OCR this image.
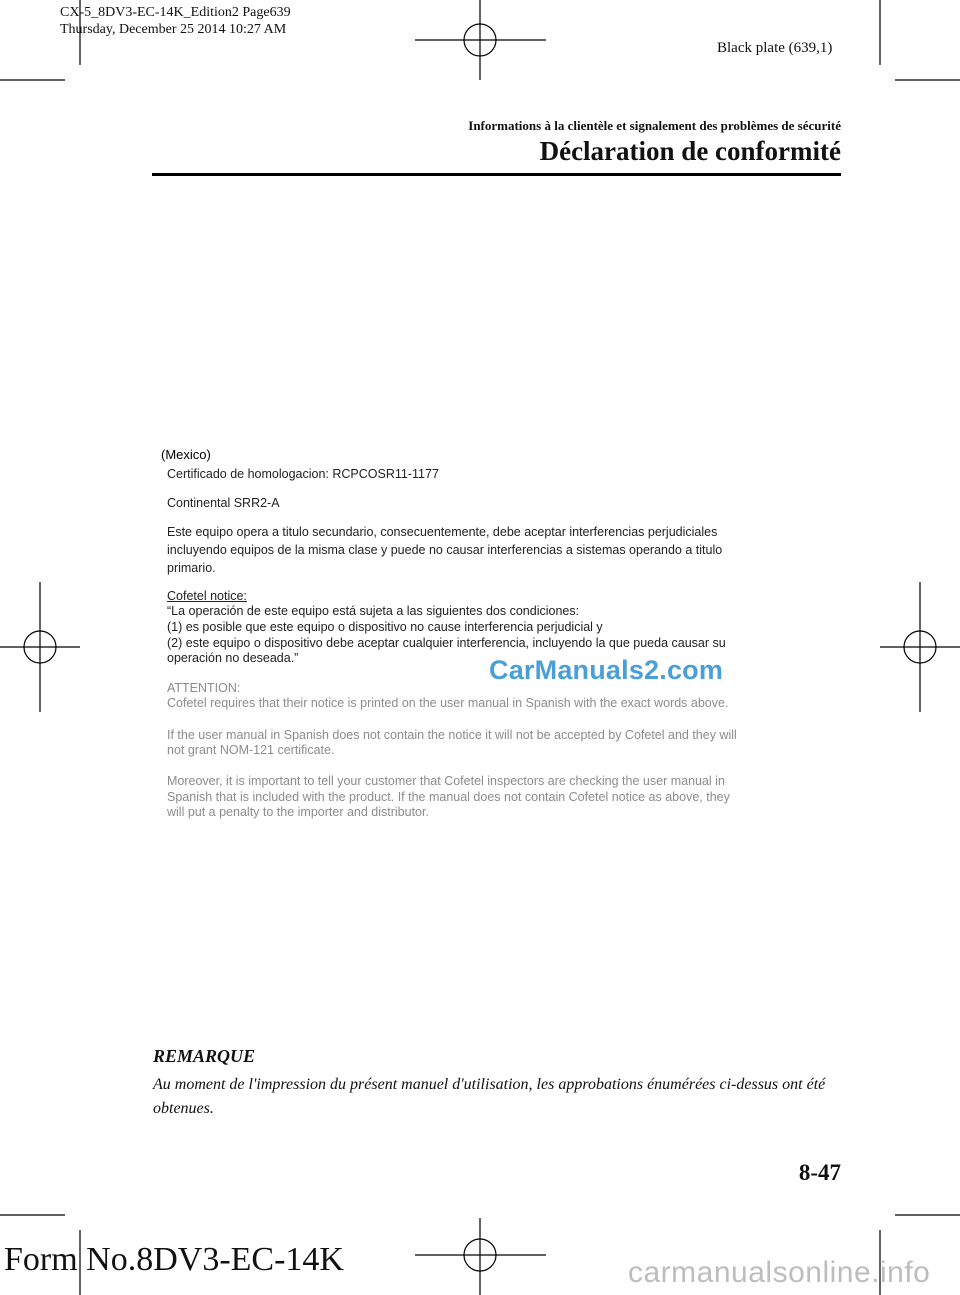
CX-5_8DV3-EC-14K_Edition2 Page639
Thursday, December 25 2014 10:27 AM
Black plate (639,1)
Informations à la clientèle et signalement des problèmes de sécurité
Déclaration de conformité
(Mexico)
Certificado de homologacion: RCPCOSR11-1177
Continental SRR2-A
Este equipo opera a titulo secundario, consecuentemente, debe aceptar interferencias perjudiciales
incluyendo equipos de la misma clase y puede no causar interferencias a sistemas operando a titulo
primario.
Cofetel notice:
“La operación de este equipo está sujeta a las siguientes dos condiciones:
(1) es posible que este equipo o dispositivo no cause interferencia perjudicial y
(2) este equipo o dispositivo debe aceptar cualquier interferencia, incluyendo la que pueda causar su
operación no deseada.”
ATTENTION:
Cofetel requires that their notice is printed on the user manual in Spanish with the exact words above.
If the user manual in Spanish does not contain the notice it will not be accepted by Cofetel and they will
not grant NOM-121 certificate.
Moreover, it is important to tell your customer that Cofetel inspectors are checking the user manual in
Spanish that is included with the product. If the manual does not contain Cofetel notice as above, they
will put a penalty to the importer and distributor.
CarManuals2.com
REMARQUE
Au moment de l'impression du présent manuel d'utilisation, les approbations énumérées ci-dessus ont été obtenues.
8-47
Form No.8DV3-EC-14K	carmanualsonline.info
